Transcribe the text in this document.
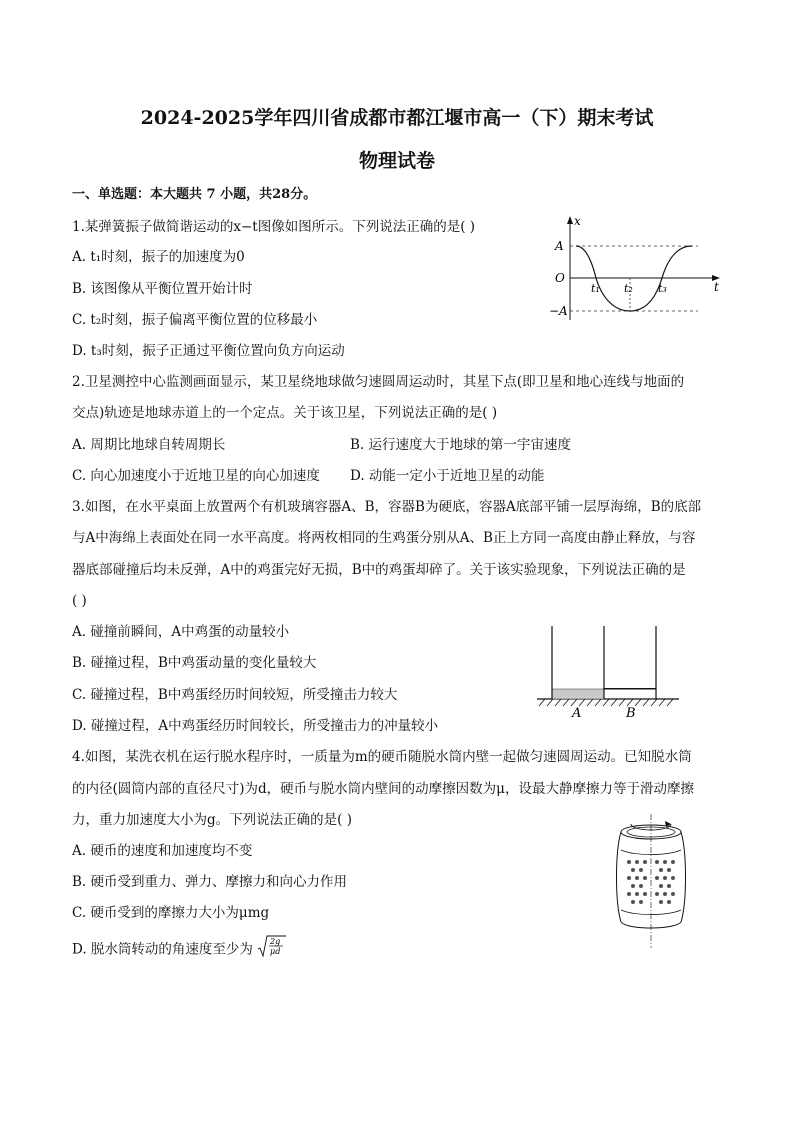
2024-2025学年四川省成都市都江堰市高一（下）期末考试
物理试卷
一、单选题：本大题共 7 小题，共28分。
1.某弹簧振子做简谐运动的x−t图像如图所示。下列说法正确的是( )
A. t₁时刻，振子的加速度为0
B. 该图像从平衡位置开始计时
C. t₂时刻，振子偏离平衡位置的位移最小
D. t₃时刻，振子正通过平衡位置向负方向运动
x
t
O
A
−A
t₁ t₂ t₃
2.卫星测控中心监测画面显示，某卫星绕地球做匀速圆周运动时，其星下点(即卫星和地心连线与地面的
交点)轨迹是地球赤道上的一个定点。关于该卫星，下列说法正确的是( )
A. 周期比地球自转周期长	B. 运行速度大于地球的第一宇宙速度
C. 向心加速度小于近地卫星的向心加速度 D. 动能一定小于近地卫星的动能
3.如图，在水平桌面上放置两个有机玻璃容器A、B，容器B为硬底，容器A底部平铺一层厚海绵，B的底部
与A中海绵上表面处在同一水平高度。将两枚相同的生鸡蛋分别从A、B正上方同一高度由静止释放，与容
器底部碰撞后均未反弹，A中的鸡蛋完好无损，B中的鸡蛋却碎了。关于该实验现象，下列说法正确的是
( )
A. 碰撞前瞬间，A中鸡蛋的动量较小
B. 碰撞过程，B中鸡蛋动量的变化量较大
C. 碰撞过程，B中鸡蛋经历时间较短，所受撞击力较大
D. 碰撞过程，A中鸡蛋经历时间较长，所受撞击力的冲量较小
A	B
4.如图，某洗衣机在运行脱水程序时，一质量为m的硬币随脱水筒内壁一起做匀速圆周运动。已知脱水筒
的内径(圆筒内部的直径尺寸)为d，硬币与脱水筒内壁间的动摩擦因数为μ，设最大静摩擦力等于滑动摩擦
力，重力加速度大小为g。下列说法正确的是( )
A. 硬币的速度和加速度均不变
B. 硬币受到重力、弹力、摩擦力和向心力作用
C. 硬币受到的摩擦力大小为μmg
D. 脱水筒转动的角速度至少为 2g
μd
